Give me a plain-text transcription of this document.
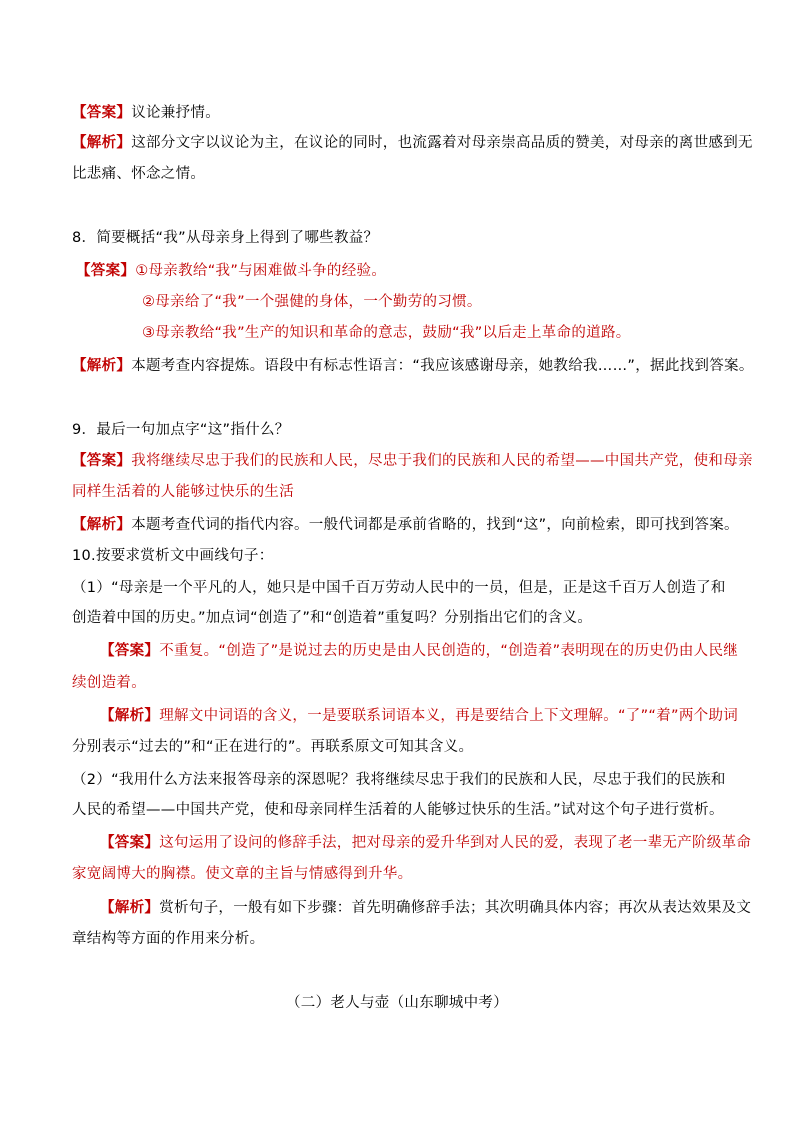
【答案】议论兼抒情。
【解析】这部分文字以议论为主，在议论的同时，也流露着对母亲崇高品质的赞美，对母亲的离世感到无
比悲痛、怀念之情。
8．简要概括“我”从母亲身上得到了哪些教益？
【答案】①母亲教给“我”与困难做斗争的经验。
②母亲给了“我”一个强健的身体，一个勤劳的习惯。
③母亲教给“我”生产的知识和革命的意志，鼓励“我”以后走上革命的道路。
【解析】本题考查内容提炼。语段中有标志性语言：“我应该感谢母亲，她教给我……”，据此找到答案。
9．最后一句加点字“这”指什么？
【答案】我将继续尽忠于我们的民族和人民，尽忠于我们的民族和人民的希望——中国共产党，使和母亲
同样生活着的人能够过快乐的生活
【解析】本题考查代词的指代内容。一般代词都是承前省略的，找到“这”，向前检索，即可找到答案。
10.按要求赏析文中画线句子：
（1）“母亲是一个平凡的人，她只是中国千百万劳动人民中的一员，但是，正是这千百万人创造了和
创造着中国的历史。”加点词“创造了”和“创造着”重复吗？分别指出它们的含义。
【答案】不重复。“创造了”是说过去的历史是由人民创造的，“创造着”表明现在的历史仍由人民继
续创造着。
【解析】理解文中词语的含义，一是要联系词语本义，再是要结合上下文理解。“了”“着”两个助词
分别表示“过去的”和“正在进行的”。再联系原文可知其含义。
（2）“我用什么方法来报答母亲的深恩呢？我将继续尽忠于我们的民族和人民，尽忠于我们的民族和
人民的希望——中国共产党，使和母亲同样生活着的人能够过快乐的生活。”试对这个句子进行赏析。
【答案】这句运用了设问的修辞手法，把对母亲的爱升华到对人民的爱，表现了老一辈无产阶级革命
家宽阔博大的胸襟。使文章的主旨与情感得到升华。
【解析】赏析句子，一般有如下步骤：首先明确修辞手法；其次明确具体内容；再次从表达效果及文
章结构等方面的作用来分析。
（二）老人与壶（山东聊城中考）
